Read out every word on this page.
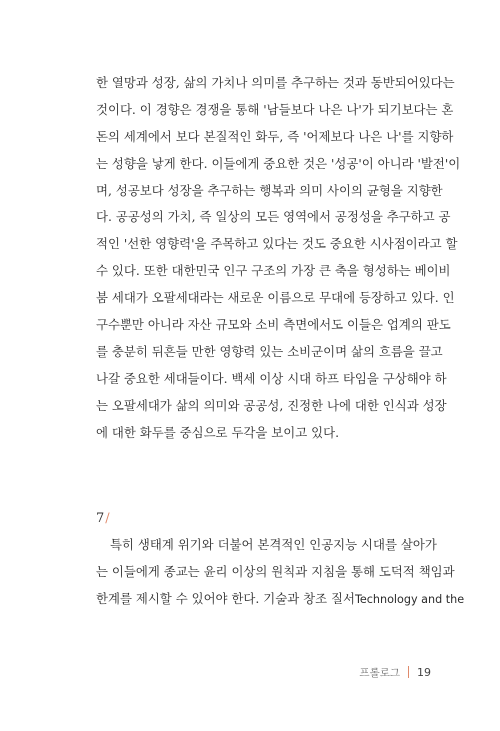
한 열망과 성장, 삶의 가치나 의미를 추구하는 것과 동반되어있다는
것이다. 이 경향은 경쟁을 통해 '남들보다 나은 나'가 되기보다는 혼
돈의 세계에서 보다 본질적인 화두, 즉 '어제보다 나은 나'를 지향하
는 성향을 낳게 한다. 이들에게 중요한 것은 '성공'이 아니라 '발전'이
며, 성공보다 성장을 추구하는 행복과 의미 사이의 균형을 지향한
다. 공공성의 가치, 즉 일상의 모든 영역에서 공정성을 추구하고 공
적인 '선한 영향력'을 주목하고 있다는 것도 중요한 시사점이라고 할
수 있다. 또한 대한민국 인구 구조의 가장 큰 축을 형성하는 베이비
붐 세대가 오팔세대라는 새로운 이름으로 무대에 등장하고 있다. 인
구수뿐만 아니라 자산 규모와 소비 측면에서도 이들은 업계의 판도
를 충분히 뒤흔들 만한 영향력 있는 소비군이며 삶의 흐름을 끌고
나갈 중요한 세대들이다. 백세 이상 시대 하프 타임을 구상해야 하
는 오팔세대가 삶의 의미와 공공성, 진정한 나에 대한 인식과 성장
에 대한 화두를 중심으로 두각을 보이고 있다.
7/
특히 생태계 위기와 더불어 본격적인 인공지능 시대를 살아가
는 이들에게 종교는 윤리 이상의 원칙과 지침을 통해 도덕적 책임과
한계를 제시할 수 있어야 한다. 기술과 창조 질서Technology and the
프롤로그 19
